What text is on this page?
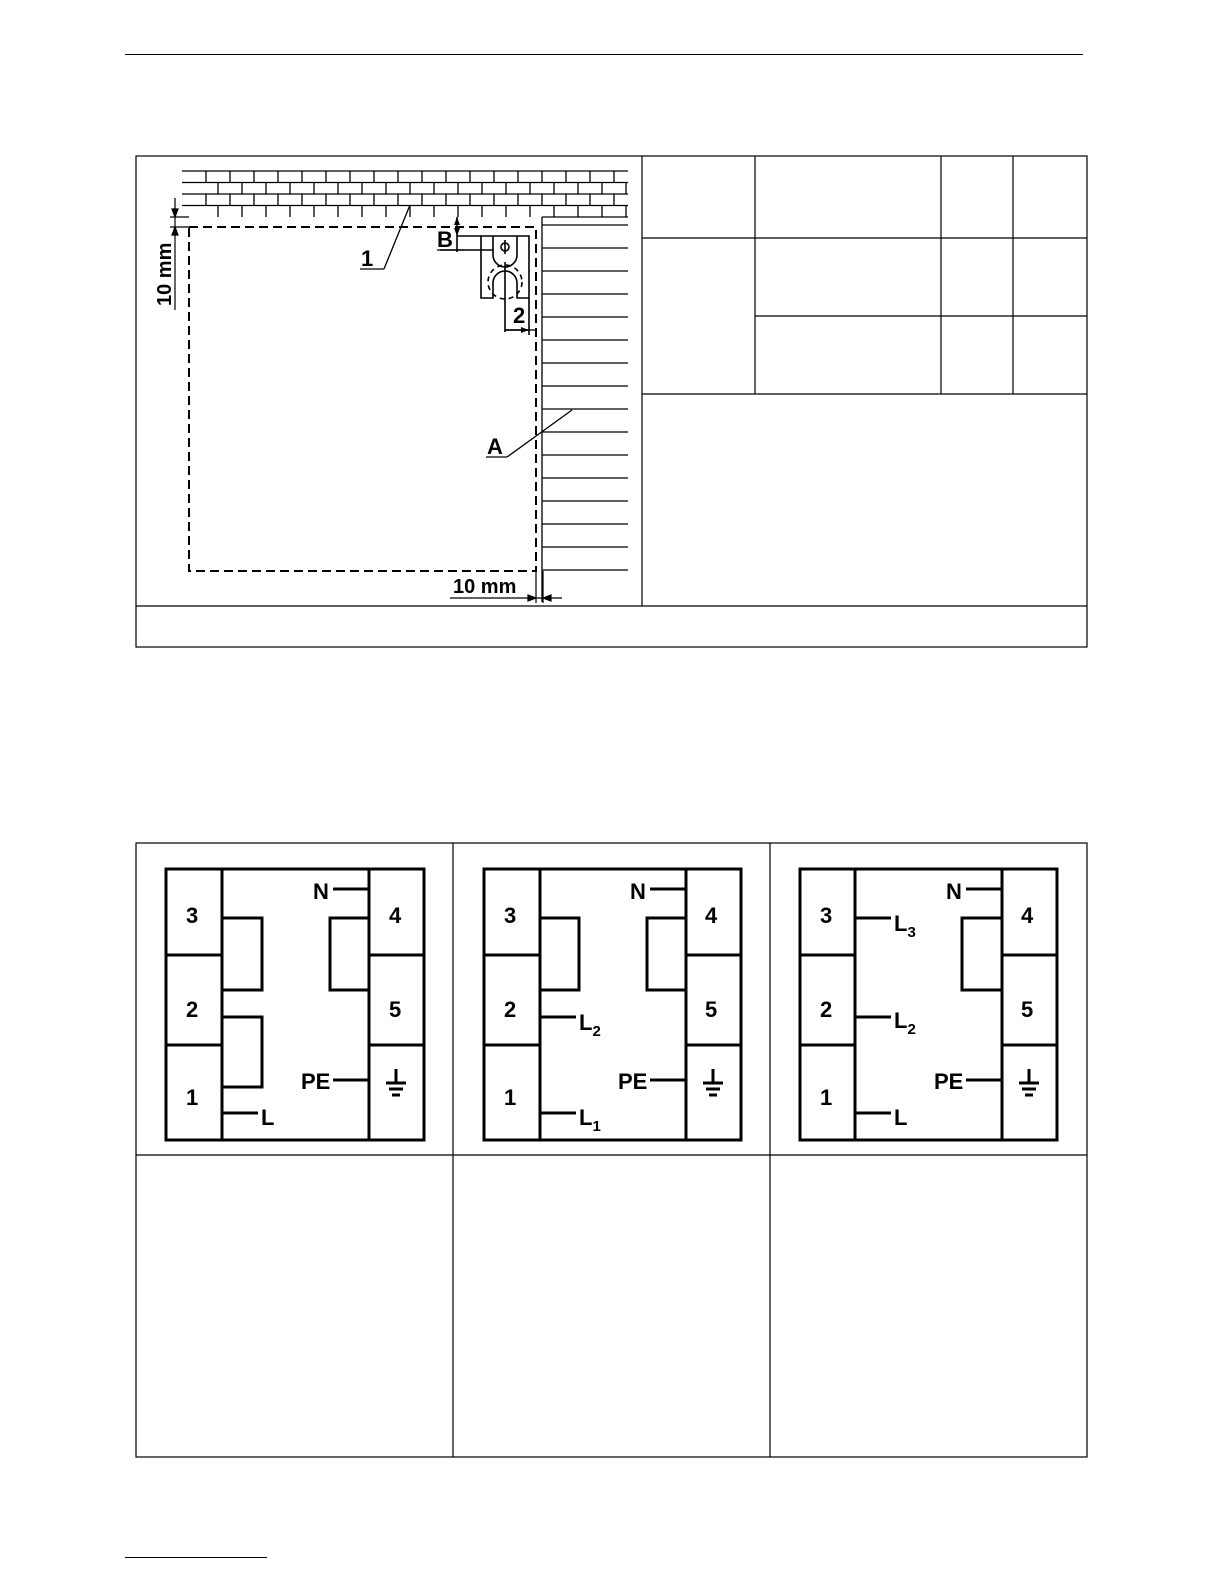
10 mm
10 mm
1
2
A
B
3
2
1
4
5
N
PE
L
3
2
1
4
5
N
PE
$L_2$
$L_1$
3
2
1
4
5
N
PE
$L_3$
$L_2$
L
